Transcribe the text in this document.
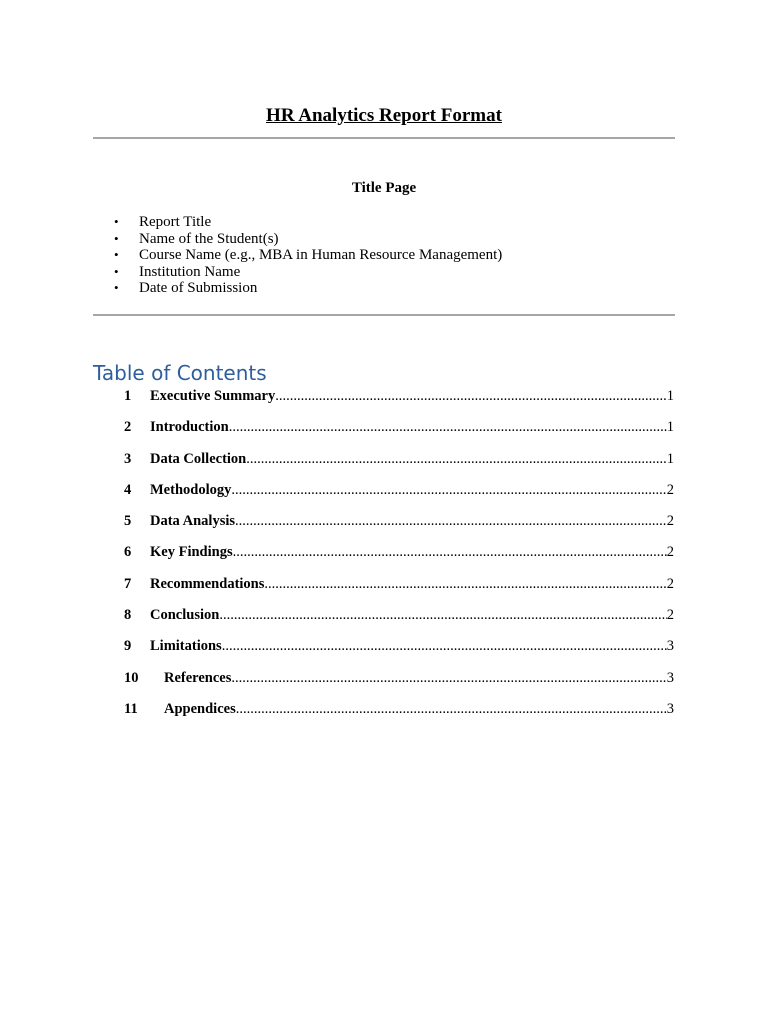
HR Analytics Report Format
Title Page
• Report Title
• Name of the Student(s)
• Course Name (e.g., MBA in Human Resource Management)
• Institution Name
• Date of Submission
Table of Contents
1	Executive Summary .....	1
2	Introduction .....	1
3	Data Collection .....	1
4	Methodology .....	2
5	Data Analysis .....	2
6	Key Findings .....	2
7	Recommendations .....	2
8	Conclusion .....	2
9	Limitations .....	3
10	References .....	3
11	Appendices .....	3
